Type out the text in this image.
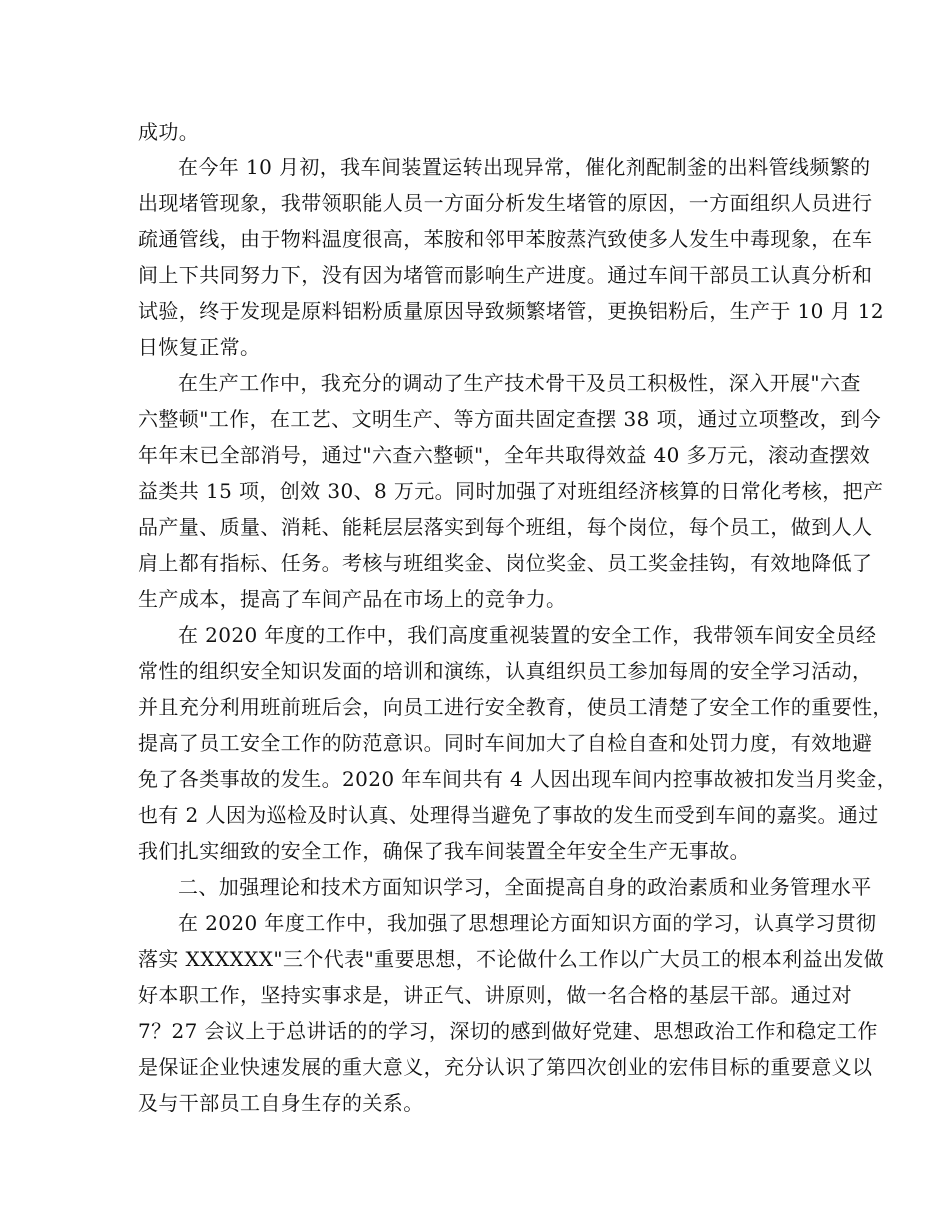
成功。
在今年 10 月初，我车间装置运转出现异常，催化剂配制釜的出料管线频繁的
出现堵管现象，我带领职能人员一方面分析发生堵管的原因，一方面组织人员进行
疏通管线，由于物料温度很高，苯胺和邻甲苯胺蒸汽致使多人发生中毒现象，在车
间上下共同努力下，没有因为堵管而影响生产进度。通过车间干部员工认真分析和
试验，终于发现是原料铝粉质量原因导致频繁堵管，更换铝粉后，生产于 10 月 12
日恢复正常。
在生产工作中，我充分的调动了生产技术骨干及员工积极性，深入开展"六查
六整顿"工作，在工艺、文明生产、等方面共固定查摆 38 项，通过立项整改，到今
年年末已全部消号，通过"六查六整顿"，全年共取得效益 40 多万元，滚动查摆效
益类共 15 项，创效 30、8 万元。同时加强了对班组经济核算的日常化考核，把产
品产量、质量、消耗、能耗层层落实到每个班组，每个岗位，每个员工，做到人人
肩上都有指标、任务。考核与班组奖金、岗位奖金、员工奖金挂钩，有效地降低了
生产成本，提高了车间产品在市场上的竞争力。
在 2020 年度的工作中，我们高度重视装置的安全工作，我带领车间安全员经
常性的组织安全知识发面的培训和演练，认真组织员工参加每周的安全学习活动，
并且充分利用班前班后会，向员工进行安全教育，使员工清楚了安全工作的重要性，
提高了员工安全工作的防范意识。同时车间加大了自检自查和处罚力度，有效地避
免了各类事故的发生。2020 年车间共有 4 人因出现车间内控事故被扣发当月奖金，
也有 2 人因为巡检及时认真、处理得当避免了事故的发生而受到车间的嘉奖。通过
我们扎实细致的安全工作，确保了我车间装置全年安全生产无事故。
二、加强理论和技术方面知识学习，全面提高自身的政治素质和业务管理水平
在 2020 年度工作中，我加强了思想理论方面知识方面的学习，认真学习贯彻
落实 XXXXXX"三个代表"重要思想，不论做什么工作以广大员工的根本利益出发做
好本职工作，坚持实事求是，讲正气、讲原则，做一名合格的基层干部。通过对
7？27 会议上于总讲话的的学习，深切的感到做好党建、思想政治工作和稳定工作
是保证企业快速发展的重大意义，充分认识了第四次创业的宏伟目标的重要意义以
及与干部员工自身生存的关系。
